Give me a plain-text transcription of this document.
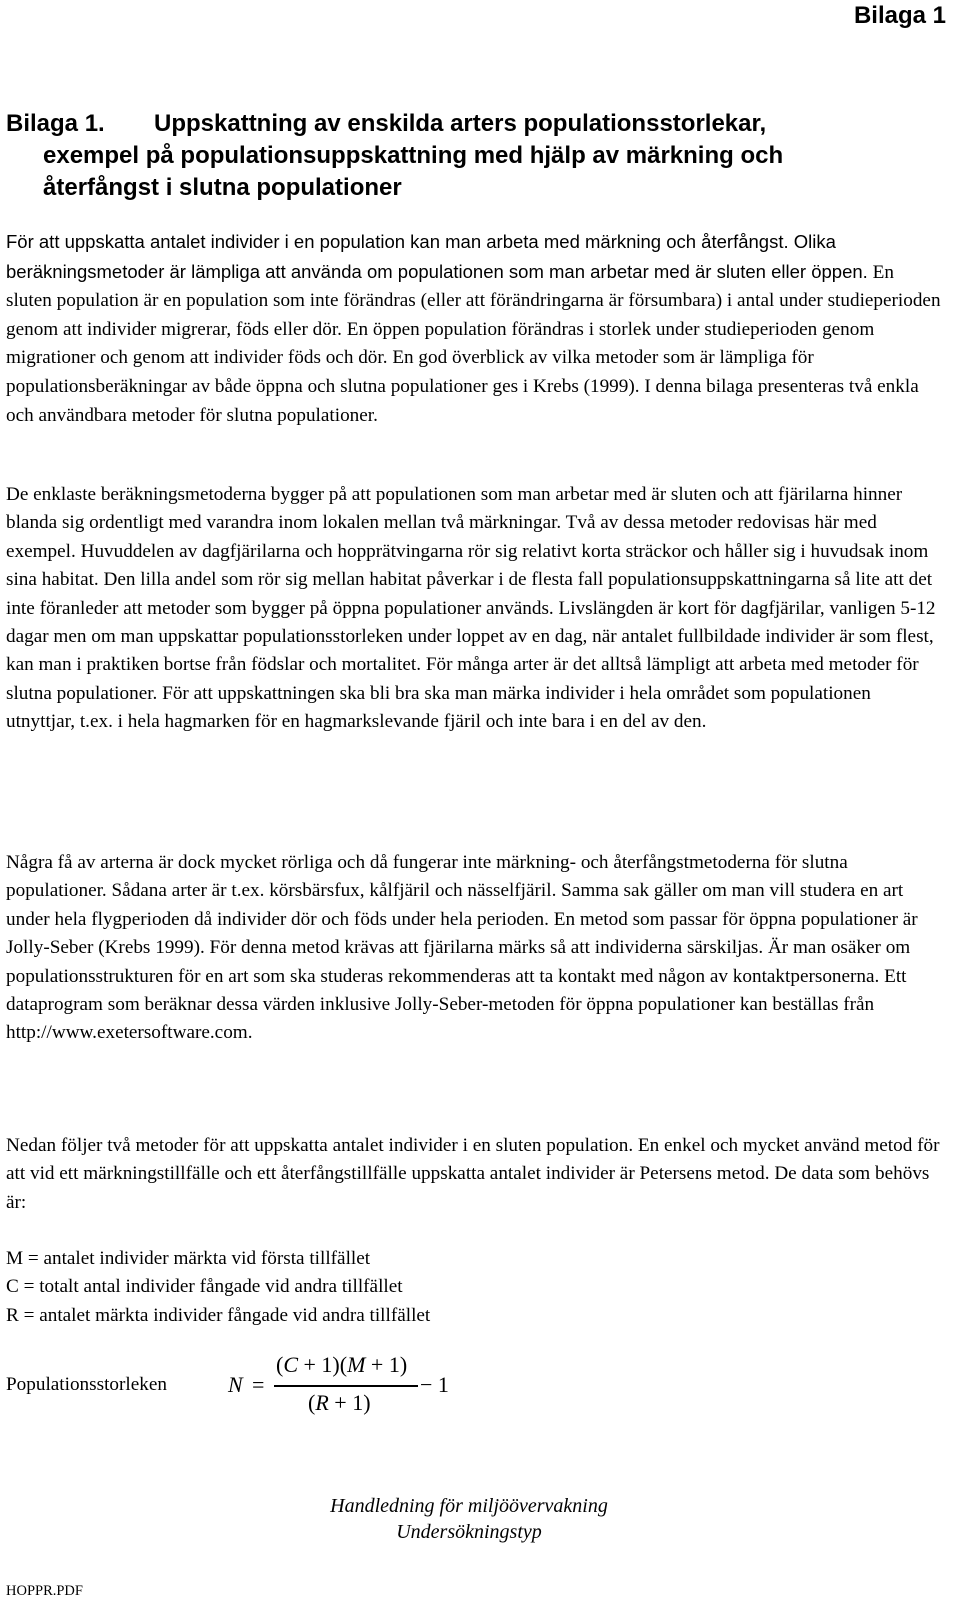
Bilaga 1
Bilaga 1. Uppskattning av enskilda arters populationsstorlekar,
exempel på populationsuppskattning med hjälp av märkning och
återfångst i slutna populationer
För att uppskatta antalet individer i en population kan man arbeta med märkning och återfångst. Olika beräkningsmetoder är lämpliga att använda om populationen som man arbetar med är sluten eller öppen. En sluten population är en population som inte förändras (eller att förändringarna är försumbara) i antal under studieperioden genom att individer migrerar, föds eller dör. En öppen population förändras i storlek under studieperioden genom migrationer och genom att individer föds och dör. En god överblick av vilka metoder som är lämpliga för populationsberäkningar av både öppna och slutna populationer ges i Krebs (1999). I denna bilaga presenteras två enkla och användbara metoder för slutna populationer.
De enklaste beräkningsmetoderna bygger på att populationen som man arbetar med är sluten och att fjärilarna hinner blanda sig ordentligt med varandra inom lokalen mellan två märkningar. Två av dessa metoder redovisas här med exempel. Huvuddelen av dagfjärilarna och hopprätvingarna rör sig relativt korta sträckor och håller sig i huvudsak inom sina habitat. Den lilla andel som rör sig mellan habitat påverkar i de flesta fall populationsuppskattningarna så lite att det inte föranleder att metoder som bygger på öppna populationer används. Livslängden är kort för dagfjärilar, vanligen 5-12 dagar men om man uppskattar populationsstorleken under loppet av en dag, när antalet fullbildade individer är som flest, kan man i praktiken bortse från födslar och mortalitet. För många arter är det alltså lämpligt att arbeta med metoder för slutna populationer. För att uppskattningen ska bli bra ska man märka individer i hela området som populationen utnyttjar, t.ex. i hela hagmarken för en hagmarkslevande fjäril och inte bara i en del av den.
Några få av arterna är dock mycket rörliga och då fungerar inte märkning- och återfångstmetoderna för slutna populationer. Sådana arter är t.ex. körsbärsfux, kålfjäril och nässelfjäril. Samma sak gäller om man vill studera en art under hela flygperioden då individer dör och föds under hela perioden. En metod som passar för öppna populationer är Jolly-Seber (Krebs 1999). För denna metod krävas att fjärilarna märks så att individerna särskiljas. Är man osäker om populationsstrukturen för en art som ska studeras rekommenderas att ta kontakt med någon av kontaktpersonerna. Ett dataprogram som beräknar dessa värden inklusive Jolly-Seber-metoden för öppna populationer kan beställas från http://www.exetersoftware.com.
Nedan följer två metoder för att uppskatta antalet individer i en sluten population. En enkel och mycket använd metod för att vid ett märkningstillfälle och ett återfångstillfälle uppskatta antalet individer är Petersens metod. De data som behövs är:
M = antalet individer märkta vid första tillfället
C = totalt antal individer fångade vid andra tillfället
R = antalet märkta individer fångade vid andra tillfället
Populationsstorleken	N =
(C + 1)(M + 1)
(R + 1)
− 1
Handledning för miljöövervakning
Undersökningstyp
HOPPR.PDF
